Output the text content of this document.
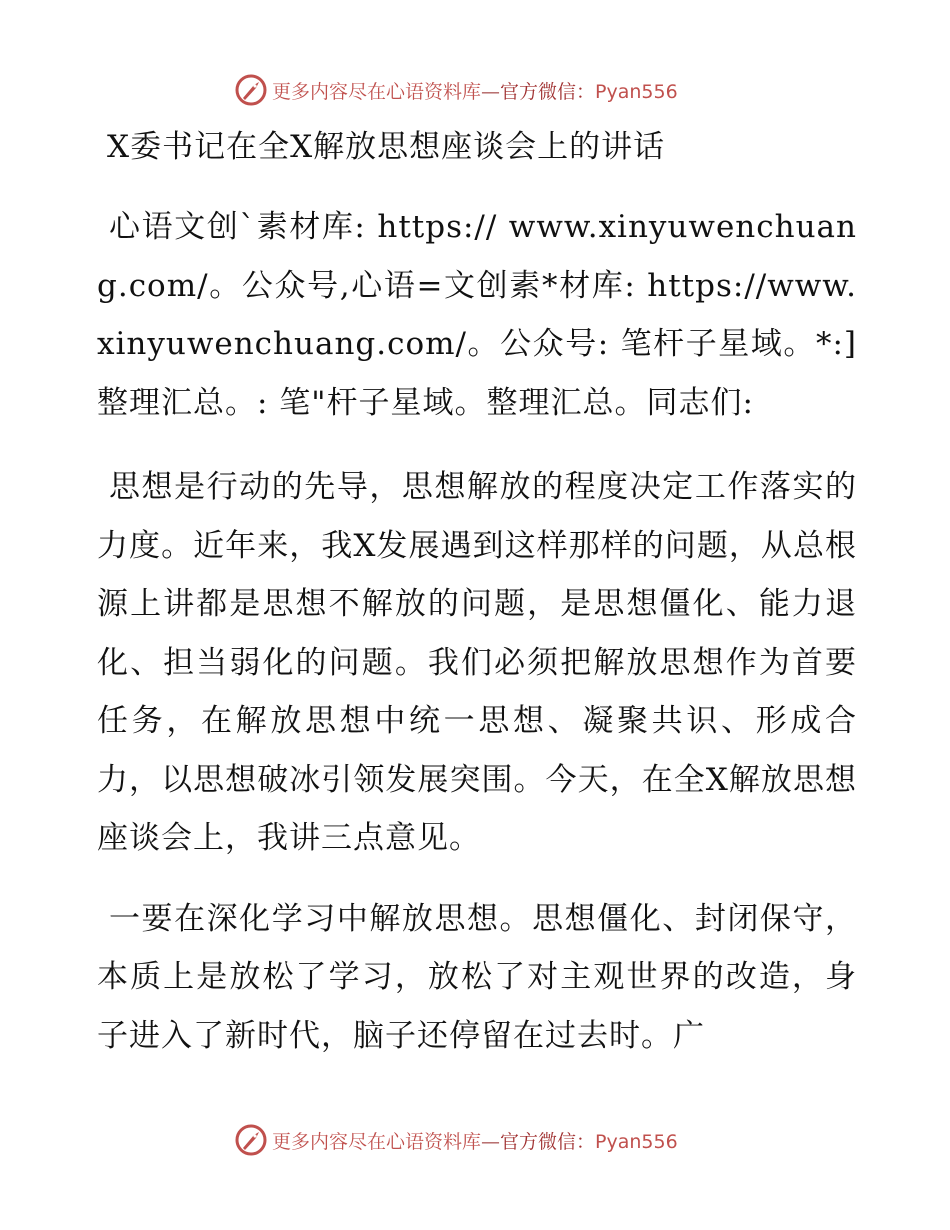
更多内容尽在心语资料库—官方微信：Pyan556
X委书记在全X解放思想座谈会上的讲话

心语文创`素材库: https:// www.xinyuwenchuang.com/。公众号,心语=文创素*材库: https://www.xinyuwenchuang.com/。公众号: 笔杆子星域。*:]整理汇总。: 笔"杆子星域。整理汇总。同志们:

思想是行动的先导，思想解放的程度决定工作落实的力度。近年来，我X发展遇到这样那样的问题，从总根源上讲都是思想不解放的问题，是思想僵化、能力退化、担当弱化的问题。我们必须把解放思想作为首要任务，在解放思想中统一思想、凝聚共识、形成合力，以思想破冰引领发展突围。今天，在全X解放思想座谈会上，我讲三点意见。

一要在深化学习中解放思想。思想僵化、封闭保守，本质上是放松了学习，放松了对主观世界的改造，身子进入了新时代，脑子还停留在过去时。广

更多内容尽在心语资料库—官方微信：Pyan556
